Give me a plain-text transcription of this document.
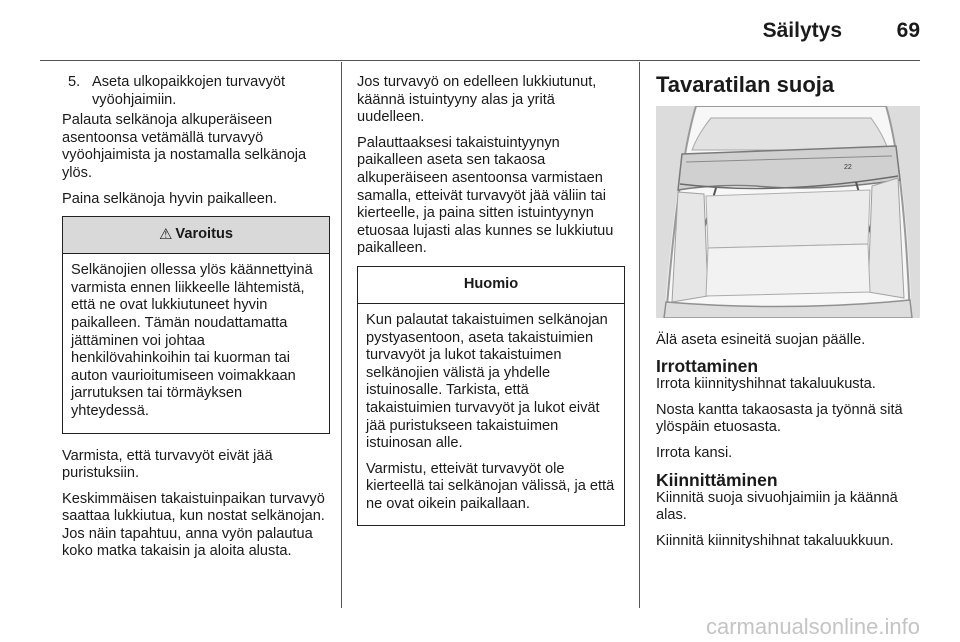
Säilytys	69
5. Aseta ulkopaikkojen turvavyöt vyöohjaimiin.

Palauta selkänoja alkuperäiseen asentoonsa vetämällä turvavyö vyöohjaimista ja nostamalla selkänoja ylös.

Paina selkänoja hyvin paikalleen.

⚠ Varoitus

Selkänojien ollessa ylös käännettyinä varmista ennen liikkeelle lähtemistä, että ne ovat lukkiutuneet hyvin paikalleen. Tämän noudattamatta jättäminen voi johtaa henkilövahinkoihin tai kuorman tai auton vaurioitumiseen voimakkaan jarrutuksen tai törmäyksen yhteydessä.

Varmista, että turvavyöt eivät jää puristuksiin.

Keskimmäisen takaistuinpaikan turvavyö saattaa lukkiutua, kun nostat selkänojan. Jos näin tapahtuu, anna vyön palautua koko matka takaisin ja aloita alusta.

Jos turvavyö on edelleen lukkiutunut, käännä istuintyyny alas ja yritä uudelleen.

Palauttaaksesi takaistuintyynyn paikalleen aseta sen takaosa alkuperäiseen asentoonsa varmistaen samalla, etteivät turvavyöt jää väliin tai kierteelle, ja paina sitten istuintyynyn etuosaa lujasti alas kunnes se lukkiutuu paikalleen.

Huomio

Kun palautat takaistuimen selkänojan pystyasentoon, aseta takaistuimien turvavyöt ja lukot takaistuimen selkänojien välistä ja yhdelle istuinosalle. Tarkista, että takaistuimien turvavyöt ja lukot eivät jää puristukseen takaistuimen istuinosan alle.

Varmistu, etteivät turvavyöt ole kierteellä tai selkänojan välissä, ja että ne ovat oikein paikallaan.

Tavaratilan suoja
22

Älä aseta esineitä suojan päälle.

Irrottaminen

Irrota kiinnityshihnat takaluukusta.

Nosta kantta takaosasta ja työnnä sitä ylöspäin etuosasta.

Irrota kansi.

Kiinnittäminen

Kiinnitä suoja sivuohjaimiin ja käännä alas.

Kiinnitä kiinnityshihnat takaluukkuun.

carmanualsonline.info
